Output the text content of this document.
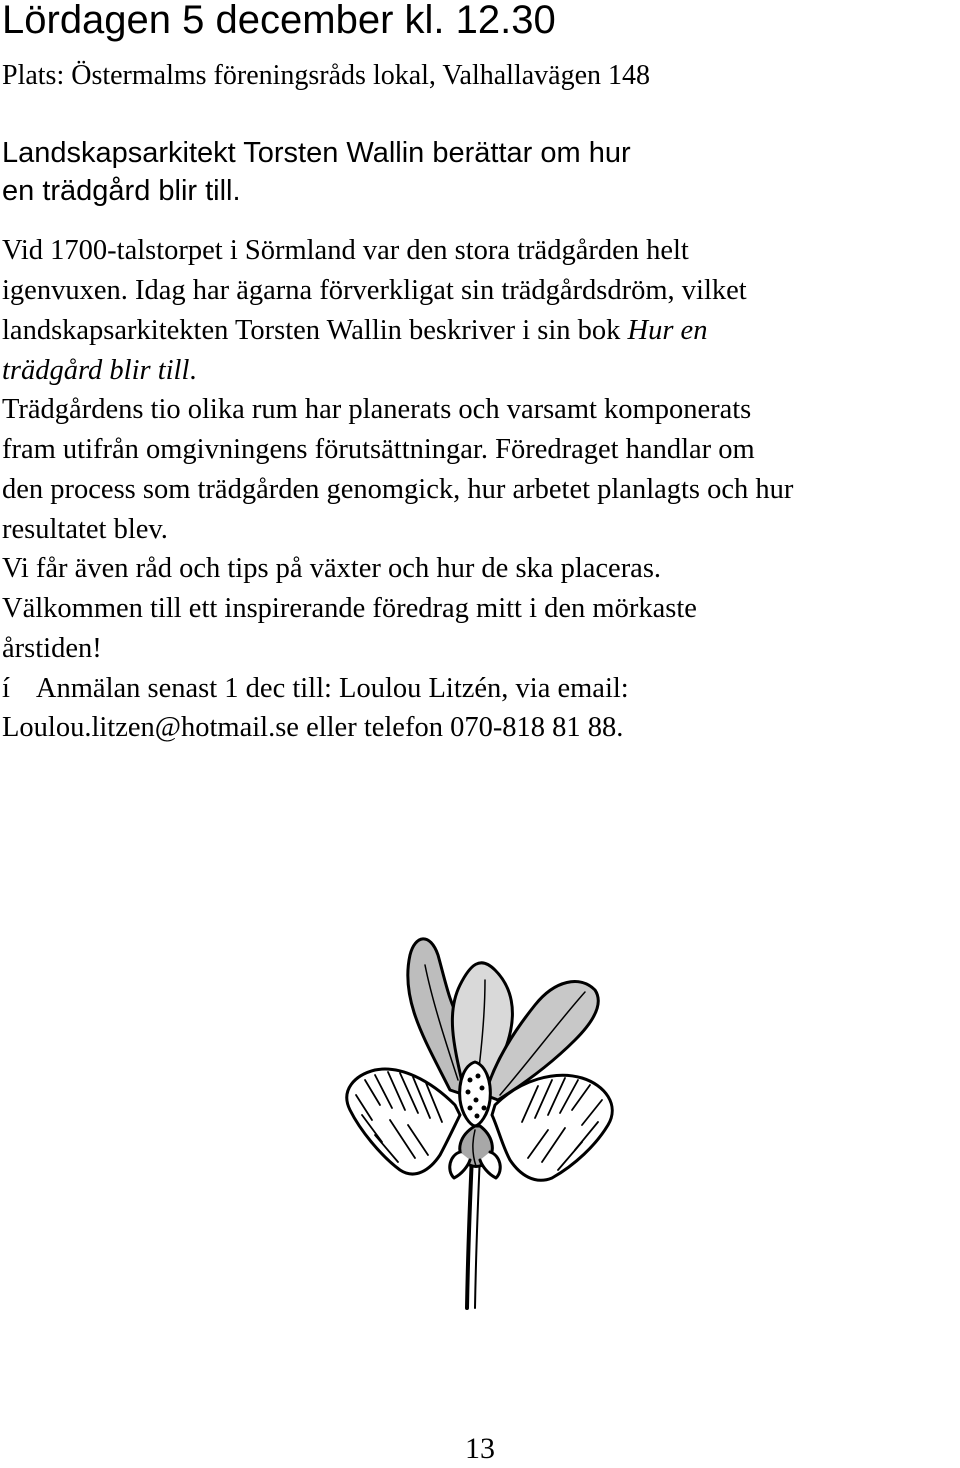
Lördagen 5 december kl. 12.30

Plats: Östermalms föreningsråds lokal, Valhallavägen 148

Landskapsarkitekt Torsten Wallin berättar om hur

en trädgård blir till.

Vid 1700-talstorpet i Sörmland var den stora trädgården helt

igenvuxen. Idag har ägarna förverkligat sin trädgårdsdröm, vilket

landskapsarkitekten Torsten Wallin beskriver i sin bok Hur en

trädgård blir till.

Trädgårdens tio olika rum har planerats och varsamt komponerats

fram utifrån omgivningens förutsättningar. Föredraget handlar om

den process som trädgården genomgick, hur arbetet planlagts och hur

resultatet blev.

Vi får även råd och tips på växter och hur de ska placeras.

Välkommen till ett inspirerande föredrag mitt i den mörkaste

årstiden!

í Anmälan senast 1 dec till: Loulou Litzén, via email:

Loulou.litzen@hotmail.se eller telefon 070-818 81 88.

13
